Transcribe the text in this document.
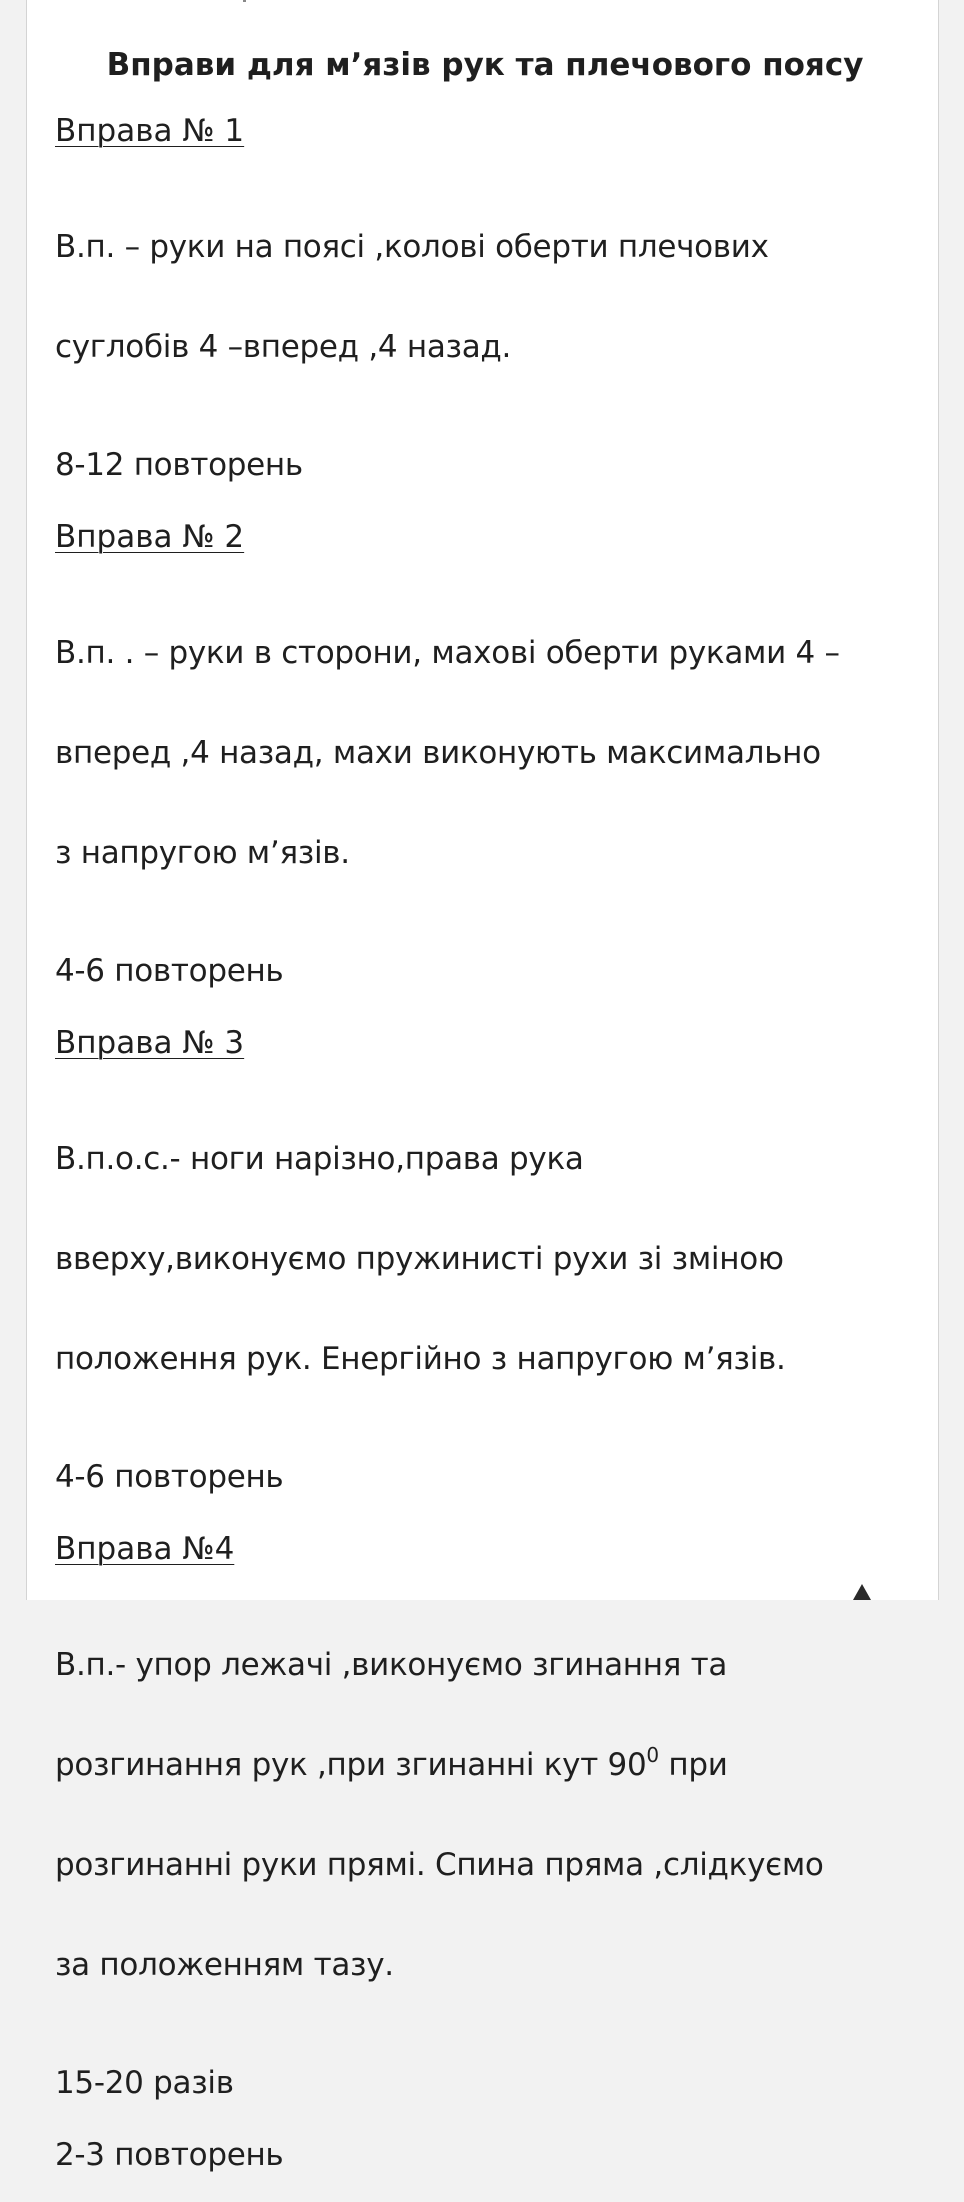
Вправи для м’язів рук та плечового поясу
Вправа № 1

В.п. – руки на поясі ,колові оберти плечових

суглобів 4 –вперед ,4 назад.

8-12 повторень
Вправа № 2

В.п. . – руки в сторони, махові оберти руками 4 –

вперед ,4 назад, махи виконують максимально

з напругою м’язів.

4-6 повторень
Вправа № 3

В.п.о.с.- ноги нарізно,права рука

вверху,виконуємо пружинисті рухи зі зміною

положення рук. Енергійно з напругою м’язів.

4-6 повторень
Вправа №4

В.п.- упор лежачі ,виконуємо згинання та

розгинання рук ,при згинанні кут $90^0$ при

розгинанні руки прямі. Спина пряма ,слідкуємо

за положенням тазу.

15-20 разів
2-3 повторень
